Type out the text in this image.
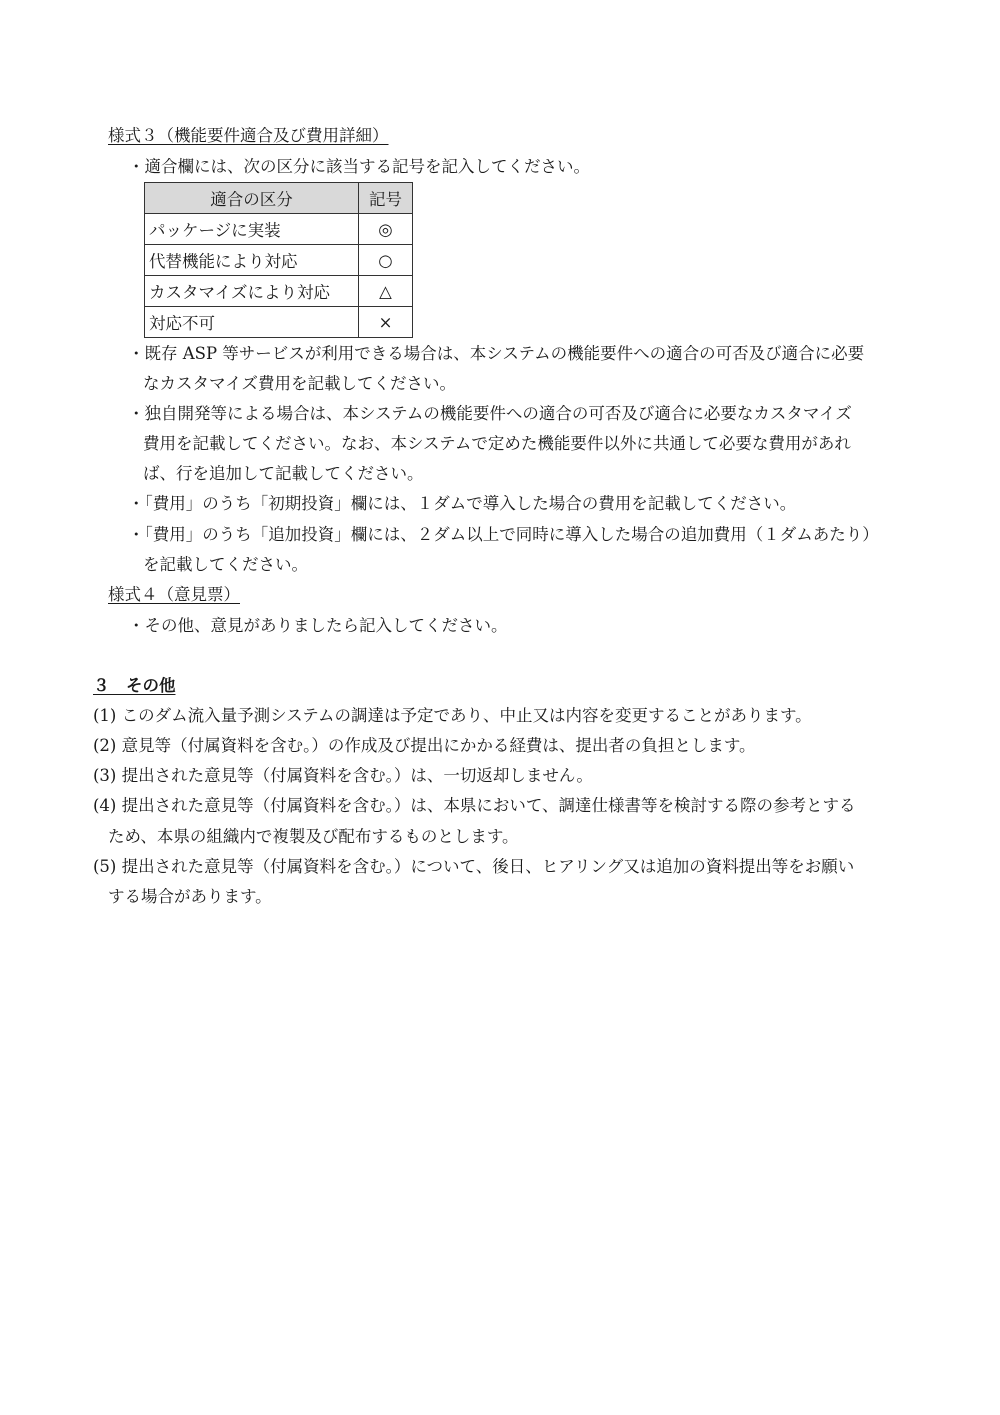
様式３（機能要件適合及び費用詳細）
・適合欄には、次の区分に該当する記号を記入してください。
適合の区分	記号
パッケージに実装	◎
代替機能により対応	○
カスタマイズにより対応	△
対応不可	×
・既存 ASP 等サービスが利用できる場合は、本システムの機能要件への適合の可否及び適合に必要
なカスタマイズ費用を記載してください。
・独自開発等による場合は、本システムの機能要件への適合の可否及び適合に必要なカスタマイズ
費用を記載してください。なお、本システムで定めた機能要件以外に共通して必要な費用があれ
ば、行を追加して記載してください。
・「費用」のうち「初期投資」欄には、１ダムで導入した場合の費用を記載してください。
・「費用」のうち「追加投資」欄には、２ダム以上で同時に導入した場合の追加費用（１ダムあたり）
を記載してください。
様式４（意見票）
・その他、意見がありましたら記入してください。
３　その他
(1) このダム流入量予測システムの調達は予定であり、中止又は内容を変更することがあります。
(2) 意見等（付属資料を含む。）の作成及び提出にかかる経費は、提出者の負担とします。
(3) 提出された意見等（付属資料を含む。）は、一切返却しません。
(4) 提出された意見等（付属資料を含む。）は、本県において、調達仕様書等を検討する際の参考とする
ため、本県の組織内で複製及び配布するものとします。
(5) 提出された意見等（付属資料を含む。）について、後日、ヒアリング又は追加の資料提出等をお願い
する場合があります。
